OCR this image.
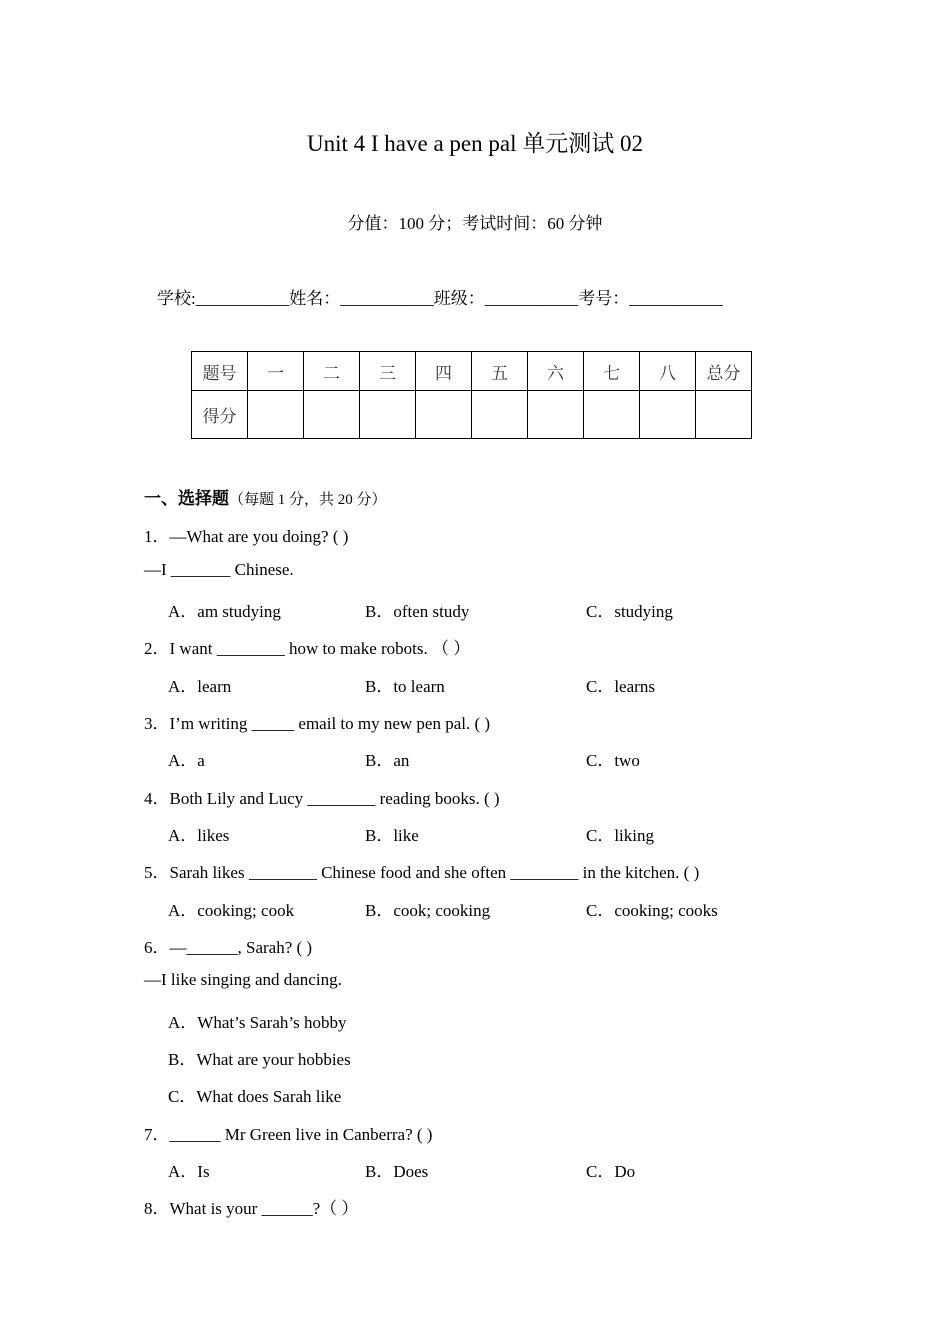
Unit 4 I have a pen pal 单元测试 02
分值：100 分；考试时间：60 分钟
学校:___________姓名：___________班级：___________考号：___________
题号	一	二	三	四	五	六	七	八	总分
得分									
一、选择题（每题 1 分，共 20 分）
1．—What are you doing? ( )
—I _______ Chinese.
A．am studying	B．often study	C．studying
2．I want ________ how to make robots. （ ）
A．learn	B．to learn	C．learns
3．I’m writing _____ email to my new pen pal. ( )
A．a	B．an	C．two
4．Both Lily and Lucy ________ reading books. ( )
A．likes	B．like	C．liking
5．Sarah likes ________ Chinese food and she often ________ in the kitchen. ( )
A．cooking; cook	B．cook; cooking	C．cooking; cooks
6．—______, Sarah? ( )
—I like singing and dancing.
A．What’s Sarah’s hobby
B．What are your hobbies
C．What does Sarah like
7．______ Mr Green live in Canberra? ( )
A．Is	B．Does	C．Do
8．What is your ______?（ ）
